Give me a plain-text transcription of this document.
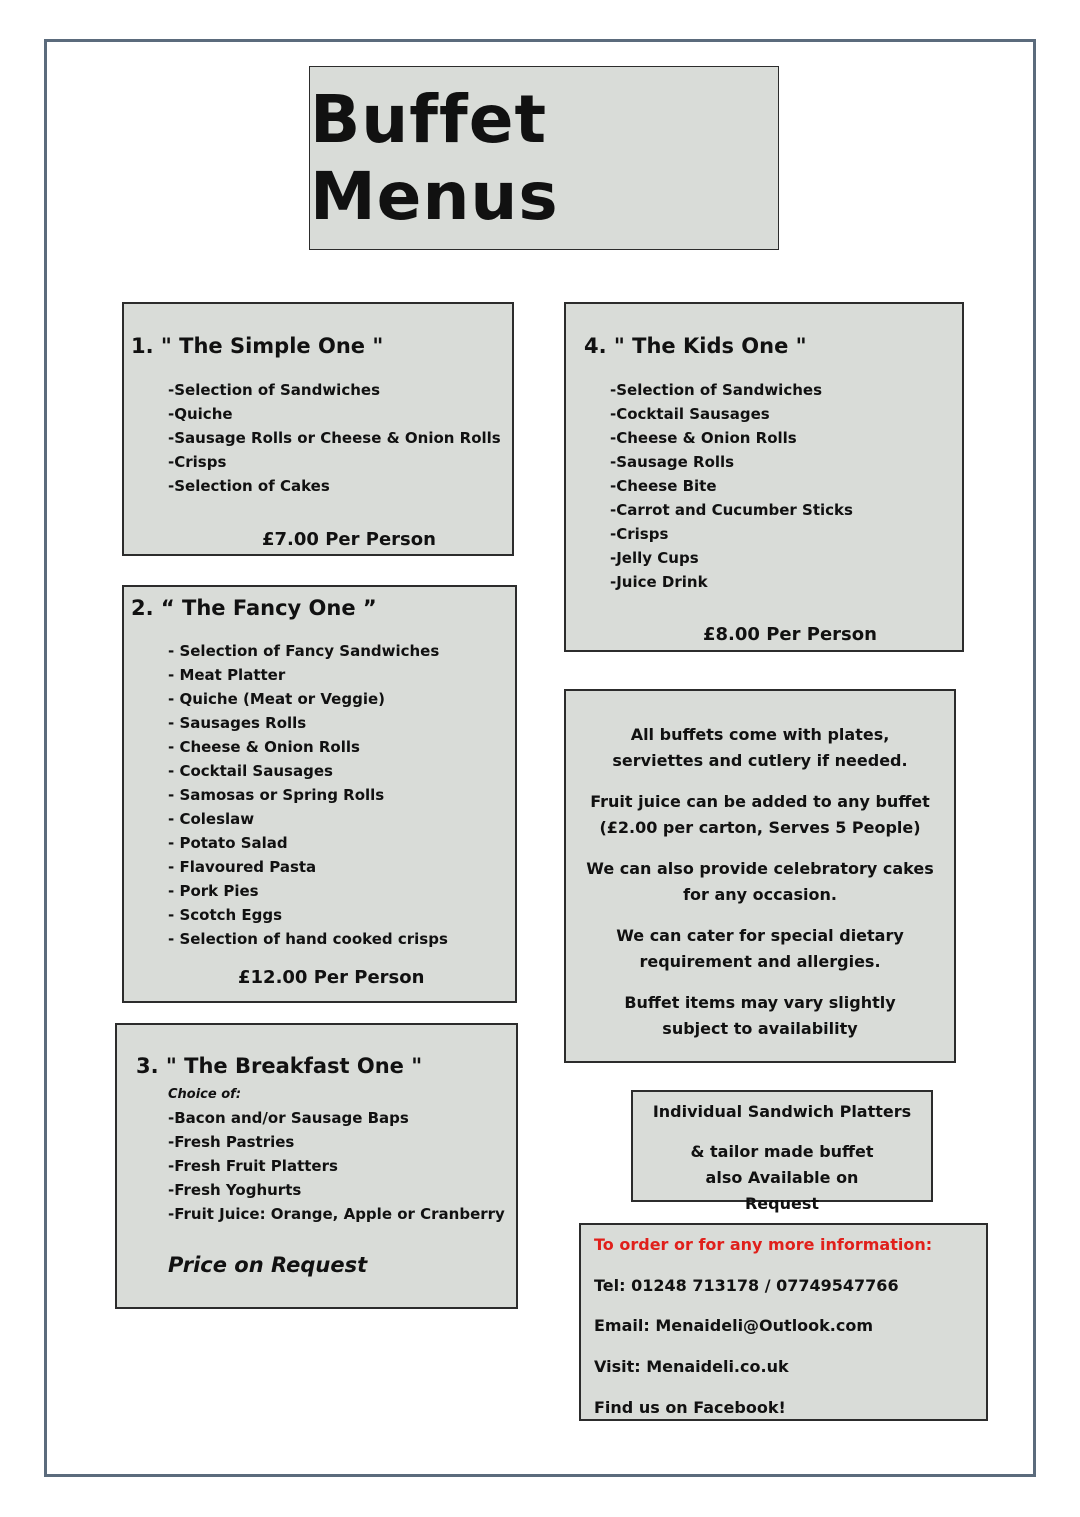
Buffet Menus
1. " The Simple One "
-Selection of Sandwiches
-Quiche
-Sausage Rolls or Cheese & Onion Rolls
-Crisps
-Selection of Cakes
£7.00 Per Person
2. “ The Fancy One ”
- Selection of Fancy Sandwiches
- Meat Platter
- Quiche (Meat or Veggie)
- Sausages Rolls
- Cheese & Onion Rolls
- Cocktail Sausages
- Samosas or Spring Rolls
- Coleslaw
- Potato Salad
- Flavoured Pasta
- Pork Pies
- Scotch Eggs
- Selection of hand cooked crisps
£12.00 Per Person
3. " The Breakfast One "
Choice of:
-Bacon and/or Sausage Baps
-Fresh Pastries
-Fresh Fruit Platters
-Fresh Yoghurts
-Fruit Juice: Orange, Apple or Cranberry
Price on Request
4. " The Kids One "
-Selection of Sandwiches
-Cocktail Sausages
-Cheese & Onion Rolls
-Sausage Rolls
-Cheese Bite
-Carrot and Cucumber Sticks
-Crisps
-Jelly Cups
-Juice Drink
£8.00 Per Person

All buffets come with plates, serviettes and cutlery if needed.

Fruit juice can be added to any buffet (£2.00 per carton, Serves 5 People)

We can also provide celebratory cakes for any occasion.

We can cater for special dietary requirement and allergies.

Buffet items may vary slightly subject to availability

Individual Sandwich Platters

& tailor made buffet also Available on Request

To order or for any more information:
Tel: 01248 713178 / 07749547766
Email: Menaideli@Outlook.com
Visit: Menaideli.co.uk
Find us on Facebook!
